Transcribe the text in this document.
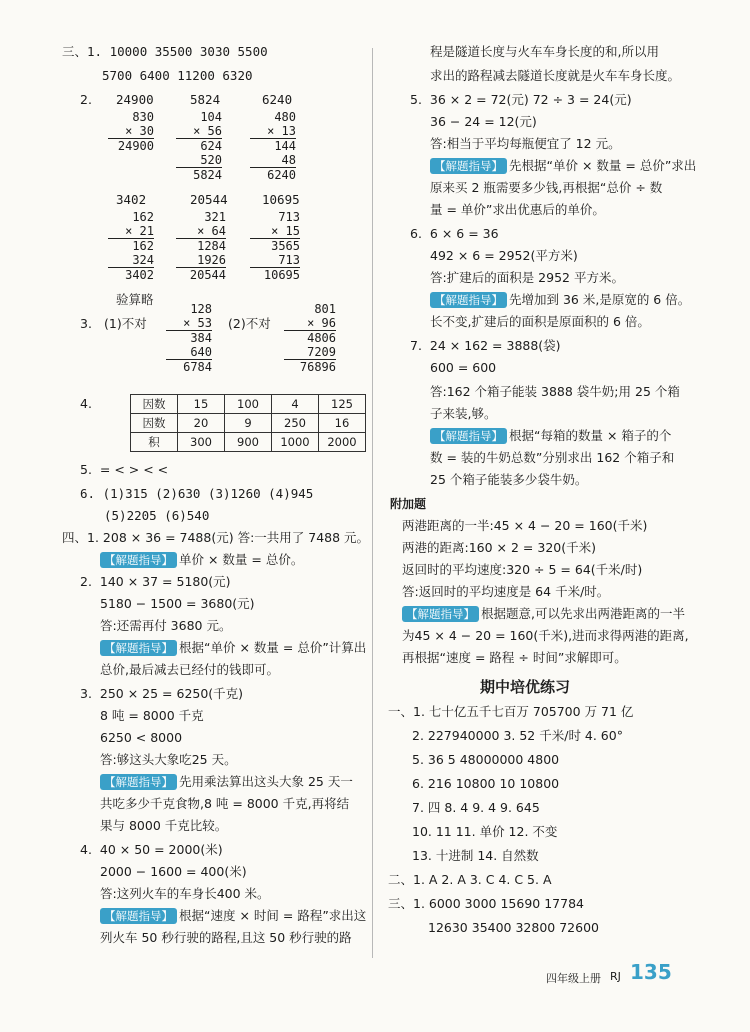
三、1. 10000 35500 3030 5500
5700 6400 11200 6320
2. 24900	5824	6240
830
× 30
24900
104
× 56
624
520
5824
480
× 13
144
48
6240
3402	20544	10695
162
× 21
162
324
3402
321
× 64
1284
1926
20544
713
× 15
3565
713
10695
验算略
3. (1)不对	(2)不对
128
× 53
384
640
6784
801
× 96
4806
7209
76896
4.	因数	15	100	4	125
因数	20	9	250	16
积	300	900	1000	2000
5. = < > < <
6. (1)315 (2)630 (3)1260 (4)945
(5)2205 (6)540
四、1. 208 × 36 = 7488(元) 答:一共用了 7488 元。
【解题指导】 单价 × 数量 = 总价。
2. 140 × 37 = 5180(元)
5180 − 1500 = 3680(元)
答:还需再付 3680 元。
【解题指导】 根据“单价 × 数量 = 总价”计算出
总价,最后减去已经付的钱即可。
3. 250 × 25 = 6250(千克)
8 吨 = 8000 千克
6250 < 8000
答:够这头大象吃25 天。
【解题指导】 先用乘法算出这头大象 25 天一
共吃多少千克食物,8 吨 = 8000 千克,再将结
果与 8000 千克比较。
4. 40 × 50 = 2000(米)
2000 − 1600 = 400(米)
答:这列火车的车身长400 米。
【解题指导】 根据“速度 × 时间 = 路程”求出这
列火车 50 秒行驶的路程,且这 50 秒行驶的路
程是隧道长度与火车车身长度的和,所以用
求出的路程减去隧道长度就是火车车身长度。
5. 36 × 2 = 72(元) 72 ÷ 3 = 24(元)
36 − 24 = 12(元)
答:相当于平均每瓶便宜了 12 元。
【解题指导】 先根据“单价 × 数量 = 总价”求出
原来买 2 瓶需要多少钱,再根据“总价 ÷ 数
量 = 单价”求出优惠后的单价。
6. 6 × 6 = 36
492 × 6 = 2952(平方米)
答:扩建后的面积是 2952 平方米。
【解题指导】 先增加到 36 米,是原宽的 6 倍。
长不变,扩建后的面积是原面积的 6 倍。
7. 24 × 162 = 3888(袋)
600 = 600
答:162 个箱子能装 3888 袋牛奶;用 25 个箱
子来装,够。
【解题指导】 根据“每箱的数量 × 箱子的个
数 = 装的牛奶总数”分别求出 162 个箱子和
25 个箱子能装多少袋牛奶。
附加题
两港距离的一半:45 × 4 − 20 = 160(千米)
两港的距离:160 × 2 = 320(千米)
返回时的平均速度:320 ÷ 5 = 64(千米/时)
答:返回时的平均速度是 64 千米/时。
【解题指导】 根据题意,可以先求出两港距离的一半
为45 × 4 − 20 = 160(千米),进而求得两港的距离,
再根据“速度 = 路程 ÷ 时间”求解即可。
期中培优练习
一、1. 七十亿五千七百万 705700 万 71 亿
2. 227940000 3. 52 千米/时 4. 60°
5. 36 5 48000000 4800
6. 216 10800 10 10800
7. 四 8. 4 9. 4 9. 645
10. 11 11. 单价 12. 不变
13. 十进制 14. 自然数
二、1. A 2. A 3. C 4. C 5. A
三、1. 6000 3000 15690 17784
12630 35400 32800 72600
四年级上册 RJ 135
